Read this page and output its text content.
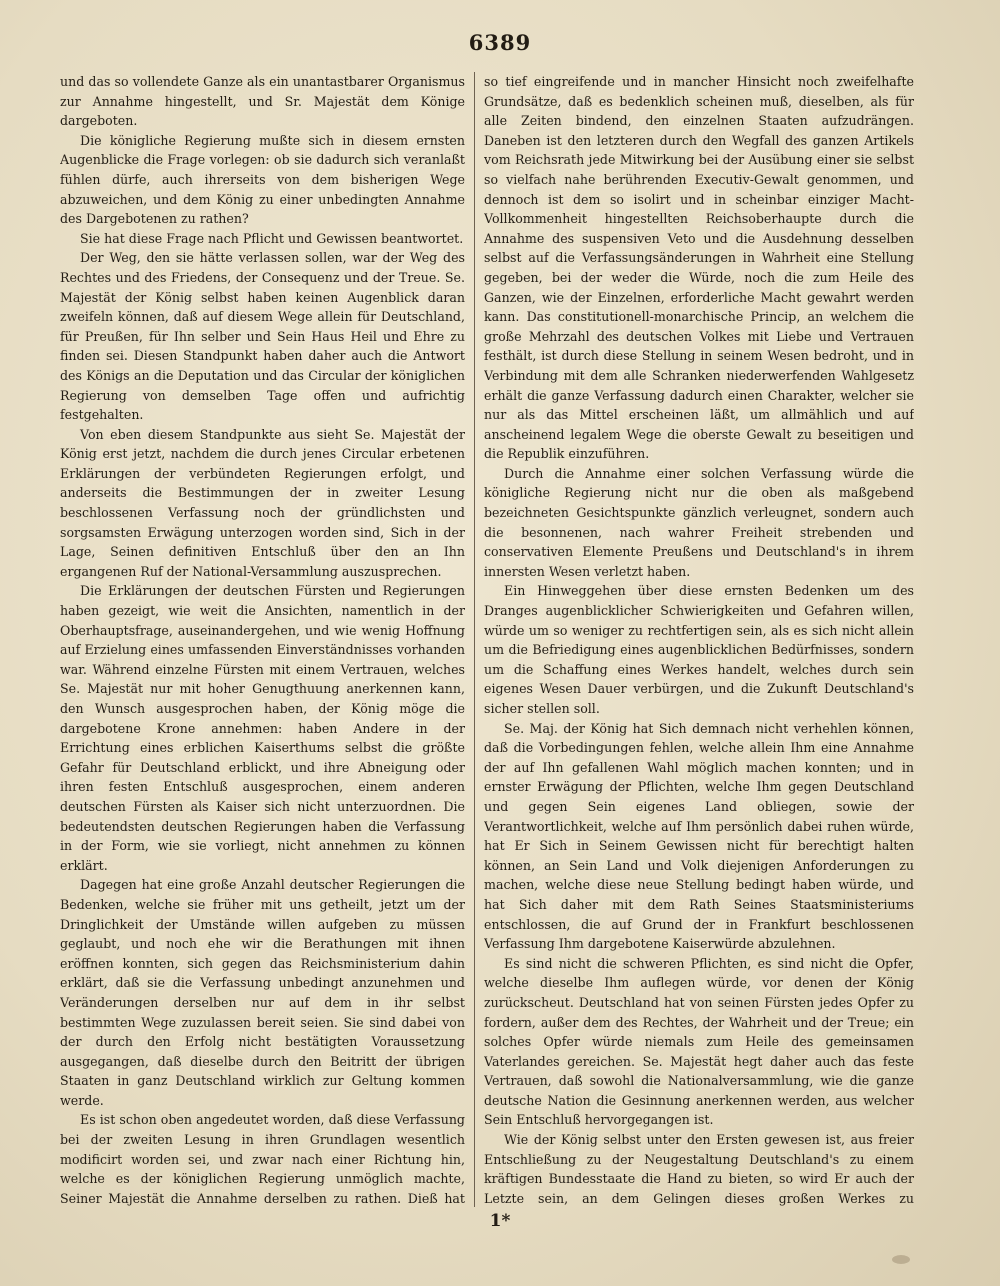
6389

und das so vollendete Ganze als ein unantastbarer Organismus zur Annahme hingestellt, und Sr. Majestät dem Könige dargeboten.

Die königliche Regierung mußte sich in diesem ernsten Augenblicke die Frage vorlegen: ob sie dadurch sich veranlaßt fühlen dürfe, auch ihrerseits von dem bisherigen Wege abzuweichen, und dem König zu einer unbedingten Annahme des Dargebotenen zu rathen?

Sie hat diese Frage nach Pflicht und Gewissen beantwortet.

Der Weg, den sie hätte verlassen sollen, war der Weg des Rechtes und des Friedens, der Consequenz und der Treue. Se. Majestät der König selbst haben keinen Augenblick daran zweifeln können, daß auf diesem Wege allein für Deutschland, für Preußen, für Ihn selber und Sein Haus Heil und Ehre zu finden sei. Diesen Standpunkt haben daher auch die Antwort des Königs an die Deputation und das Circular der königlichen Regierung von demselben Tage offen und aufrichtig festgehalten.

Von eben diesem Standpunkte aus sieht Se. Majestät der König erst jetzt, nachdem die durch jenes Circular erbetenen Erklärungen der verbündeten Regierungen erfolgt, und anderseits die Bestimmungen der in zweiter Lesung beschlossenen Verfassung noch der gründlichsten und sorgsamsten Erwägung unterzogen worden sind, Sich in der Lage, Seinen definitiven Entschluß über den an Ihn ergangenen Ruf der National-Versammlung auszusprechen.

Die Erklärungen der deutschen Fürsten und Regierungen haben gezeigt, wie weit die Ansichten, namentlich in der Oberhauptsfrage, auseinandergehen, und wie wenig Hoffnung auf Erzielung eines umfassenden Einverständnisses vorhanden war. Während einzelne Fürsten mit einem Vertrauen, welches Se. Majestät nur mit hoher Genugthuung anerkennen kann, den Wunsch ausgesprochen haben, der König möge die dargebotene Krone annehmen: haben Andere in der Errichtung eines erblichen Kaiserthums selbst die größte Gefahr für Deutschland erblickt, und ihre Abneigung oder ihren festen Entschluß ausgesprochen, einem anderen deutschen Fürsten als Kaiser sich nicht unterzuordnen. Die bedeutendsten deutschen Regierungen haben die Verfassung in der Form, wie sie vorliegt, nicht annehmen zu können erklärt.

Dagegen hat eine große Anzahl deutscher Regierungen die Bedenken, welche sie früher mit uns getheilt, jetzt um der Dringlichkeit der Umstände willen aufgeben zu müssen geglaubt, und noch ehe wir die Berathungen mit ihnen eröffnen konnten, sich gegen das Reichsministerium dahin erklärt, daß sie die Verfassung unbedingt anzunehmen und Veränderungen derselben nur auf dem in ihr selbst bestimmten Wege zuzulassen bereit seien. Sie sind dabei von der durch den Erfolg nicht bestätigten Voraussetzung ausgegangen, daß dieselbe durch den Beitritt der übrigen Staaten in ganz Deutschland wirklich zur Geltung kommen werde.

Es ist schon oben angedeutet worden, daß diese Verfassung bei der zweiten Lesung in ihren Grundlagen wesentlich modificirt worden sei, und zwar nach einer Richtung hin, welche es der königlichen Regierung unmöglich machte, Seiner Majestät die Annahme derselben zu rathen. Dieß hat

so tief eingreifende und in mancher Hinsicht noch zweifelhafte Grundsätze, daß es bedenklich scheinen muß, dieselben, als für alle Zeiten bindend, den einzelnen Staaten aufzudrängen. Daneben ist den letzteren durch den Wegfall des ganzen Artikels vom Reichsrath jede Mitwirkung bei der Ausübung einer sie selbst so vielfach nahe berührenden Executiv-Gewalt genommen, und dennoch ist dem so isolirt und in scheinbar einziger Macht-Vollkommenheit hingestellten Reichsoberhaupte durch die Annahme des suspensiven Veto und die Ausdehnung desselben selbst auf die Verfassungsänderungen in Wahrheit eine Stellung gegeben, bei der weder die Würde, noch die zum Heile des Ganzen, wie der Einzelnen, erforderliche Macht gewahrt werden kann. Das constitutionell-monarchische Princip, an welchem die große Mehrzahl des deutschen Volkes mit Liebe und Vertrauen festhält, ist durch diese Stellung in seinem Wesen bedroht, und in Verbindung mit dem alle Schranken niederwerfenden Wahlgesetz erhält die ganze Verfassung dadurch einen Charakter, welcher sie nur als das Mittel erscheinen läßt, um allmählich und auf anscheinend legalem Wege die oberste Gewalt zu beseitigen und die Republik einzuführen.

Durch die Annahme einer solchen Verfassung würde die königliche Regierung nicht nur die oben als maßgebend bezeichneten Gesichtspunkte gänzlich verleugnet, sondern auch die besonnenen, nach wahrer Freiheit strebenden und conservativen Elemente Preußens und Deutschland's in ihrem innersten Wesen verletzt haben.

Ein Hinweggehen über diese ernsten Bedenken um des Dranges augenblicklicher Schwierigkeiten und Gefahren willen, würde um so weniger zu rechtfertigen sein, als es sich nicht allein um die Befriedigung eines augenblicklichen Bedürfnisses, sondern um die Schaffung eines Werkes handelt, welches durch sein eigenes Wesen Dauer verbürgen, und die Zukunft Deutschland's sicher stellen soll.

Se. Maj. der König hat Sich demnach nicht verhehlen können, daß die Vorbedingungen fehlen, welche allein Ihm eine Annahme der auf Ihn gefallenen Wahl möglich machen konnten; und in ernster Erwägung der Pflichten, welche Ihm gegen Deutschland und gegen Sein eigenes Land obliegen, sowie der Verantwortlichkeit, welche auf Ihm persönlich dabei ruhen würde, hat Er Sich in Seinem Gewissen nicht für berechtigt halten können, an Sein Land und Volk diejenigen Anforderungen zu machen, welche diese neue Stellung bedingt haben würde, und hat Sich daher mit dem Rath Seines Staatsministeriums entschlossen, die auf Grund der in Frankfurt beschlossenen Verfassung Ihm dargebotene Kaiserwürde abzulehnen.

Es sind nicht die schweren Pflichten, es sind nicht die Opfer, welche dieselbe Ihm auflegen würde, vor denen der König zurückscheut. Deutschland hat von seinen Fürsten jedes Opfer zu fordern, außer dem des Rechtes, der Wahrheit und der Treue; ein solches Opfer würde niemals zum Heile des gemeinsamen Vaterlandes gereichen. Se. Majestät hegt daher auch das feste Vertrauen, daß sowohl die Nationalversammlung, wie die ganze deutsche Nation die Gesinnung anerkennen werden, aus welcher Sein Entschluß hervorgegangen ist.

Wie der König selbst unter den Ersten gewesen ist, aus freier Entschließung zu der Neugestaltung Deutschland's zu einem kräftigen Bundesstaate die Hand zu bieten, so wird Er auch der Letzte sein, an dem Gelingen dieses großen Werkes zu

1*
